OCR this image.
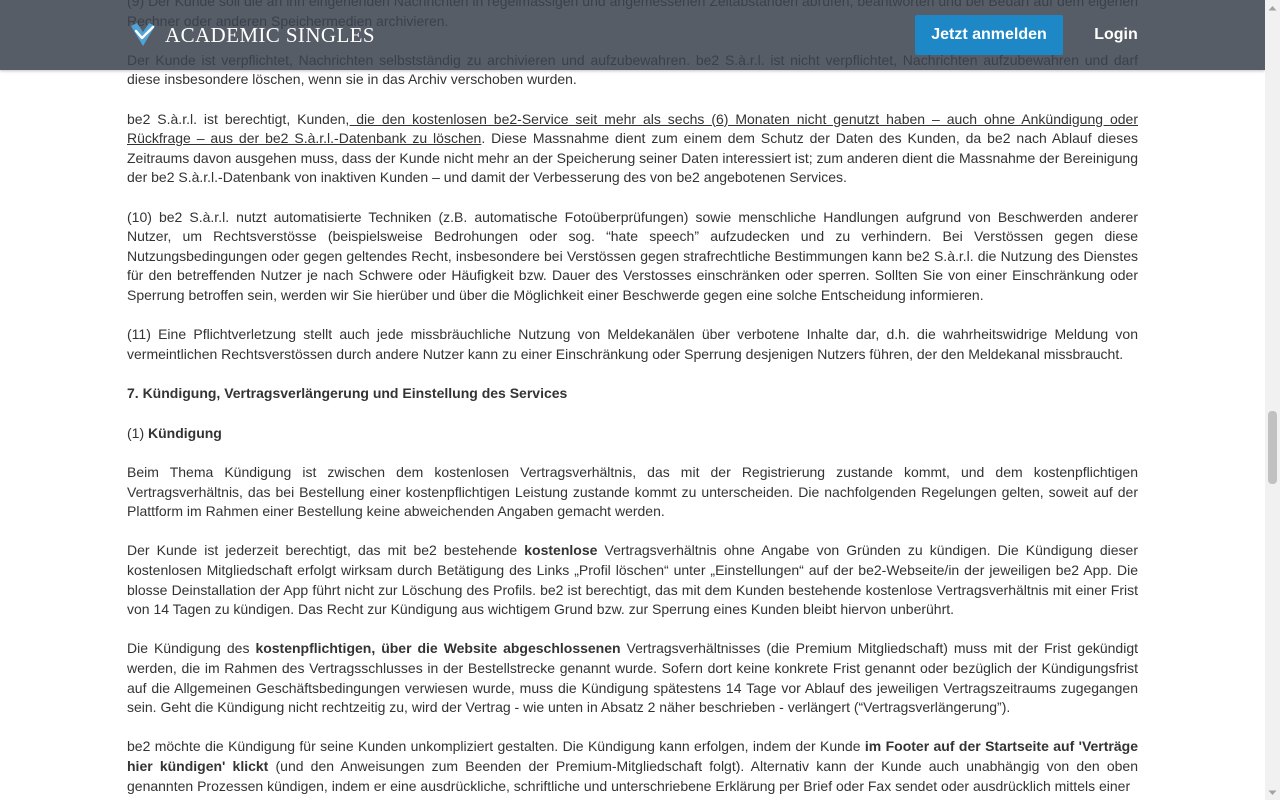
diese insbesondere löschen, wenn sie in das Archiv verschoben wurden.

be2 S.à.r.l. ist berechtigt, Kunden, die den kostenlosen be2-Service seit mehr als sechs (6) Monaten nicht genutzt haben – auch ohne Ankündigung oder Rückfrage – aus der be2 S.à.r.l.-Datenbank zu löschen. Diese Massnahme dient zum einem dem Schutz der Daten des Kunden, da be2 nach Ablauf dieses Zeitraums davon ausgehen muss, dass der Kunde nicht mehr an der Speicherung seiner Daten interessiert ist; zum anderen dient die Massnahme der Bereinigung der be2 S.à.r.l.-Datenbank von inaktiven Kunden – und damit der Verbesserung des von be2 angebotenen Services.

(10) be2 S.à.r.l. nutzt automatisierte Techniken (z.B. automatische Fotoüberprüfungen) sowie menschliche Handlungen aufgrund von Beschwerden anderer Nutzer, um Rechtsverstösse (beispielsweise Bedrohungen oder sog. “hate speech” aufzudecken und zu verhindern. Bei Verstössen gegen diese Nutzungsbedingungen oder gegen geltendes Recht, insbesondere bei Verstössen gegen strafrechtliche Bestimmungen kann be2 S.à.r.l. die Nutzung des Dienstes für den betreffenden Nutzer je nach Schwere oder Häufigkeit bzw. Dauer des Verstosses einschränken oder sperren. Sollten Sie von einer Einschränkung oder Sperrung betroffen sein, werden wir Sie hierüber und über die Möglichkeit einer Beschwerde gegen eine solche Entscheidung informieren.

(11) Eine Pflichtverletzung stellt auch jede missbräuchliche Nutzung von Meldekanälen über verbotene Inhalte dar, d.h. die wahrheitswidrige Meldung von vermeintlichen Rechtsverstössen durch andere Nutzer kann zu einer Einschränkung oder Sperrung desjenigen Nutzers führen, der den Meldekanal missbraucht.

7. Kündigung, Vertragsverlängerung und Einstellung des Services

(1) Kündigung

Beim Thema Kündigung ist zwischen dem kostenlosen Vertragsverhältnis, das mit der Registrierung zustande kommt, und dem kostenpflichtigen Vertragsverhältnis, das bei Bestellung einer kostenpflichtigen Leistung zustande kommt zu unterscheiden. Die nachfolgenden Regelungen gelten, soweit auf der Plattform im Rahmen einer Bestellung keine abweichenden Angaben gemacht werden.

Der Kunde ist jederzeit berechtigt, das mit be2 bestehende kostenlose Vertragsverhältnis ohne Angabe von Gründen zu kündigen. Die Kündigung dieser kostenlosen Mitgliedschaft erfolgt wirksam durch Betätigung des Links „Profil löschen“ unter „Einstellungen“ auf der be2-Webseite/in der jeweiligen be2 App. Die blosse Deinstallation der App führt nicht zur Löschung des Profils. be2 ist berechtigt, das mit dem Kunden bestehende kostenlose Vertragsverhältnis mit einer Frist von 14 Tagen zu kündigen. Das Recht zur Kündigung aus wichtigem Grund bzw. zur Sperrung eines Kunden bleibt hiervon unberührt.

Die Kündigung des kostenpflichtigen, über die Website abgeschlossenen Vertragsverhältnisses (die Premium Mitgliedschaft) muss mit der Frist gekündigt werden, die im Rahmen des Vertragsschlusses in der Bestellstrecke genannt wurde. Sofern dort keine konkrete Frist genannt oder bezüglich der Kündigungsfrist auf die Allgemeinen Geschäftsbedingungen verwiesen wurde, muss die Kündigung spätestens 14 Tage vor Ablauf des jeweiligen Vertragszeitraums zugegangen sein. Geht die Kündigung nicht rechtzeitig zu, wird der Vertrag - wie unten in Absatz 2 näher beschrieben - verlängert (“Vertragsverlängerung”).

be2 möchte die Kündigung für seine Kunden unkompliziert gestalten. Die Kündigung kann erfolgen, indem der Kunde im Footer auf der Startseite auf 'Verträge hier kündigen' klickt (und den Anweisungen zum Beenden der Premium-Mitgliedschaft folgt). Alternativ kann der Kunde auch unabhängig von den oben genannten Prozessen kündigen, indem er eine ausdrückliche, schriftliche und unterschriebene Erklärung per Brief oder Fax sendet oder ausdrücklich mittels einer

ACADEMIC SINGLES	Jetzt anmelden	Login
